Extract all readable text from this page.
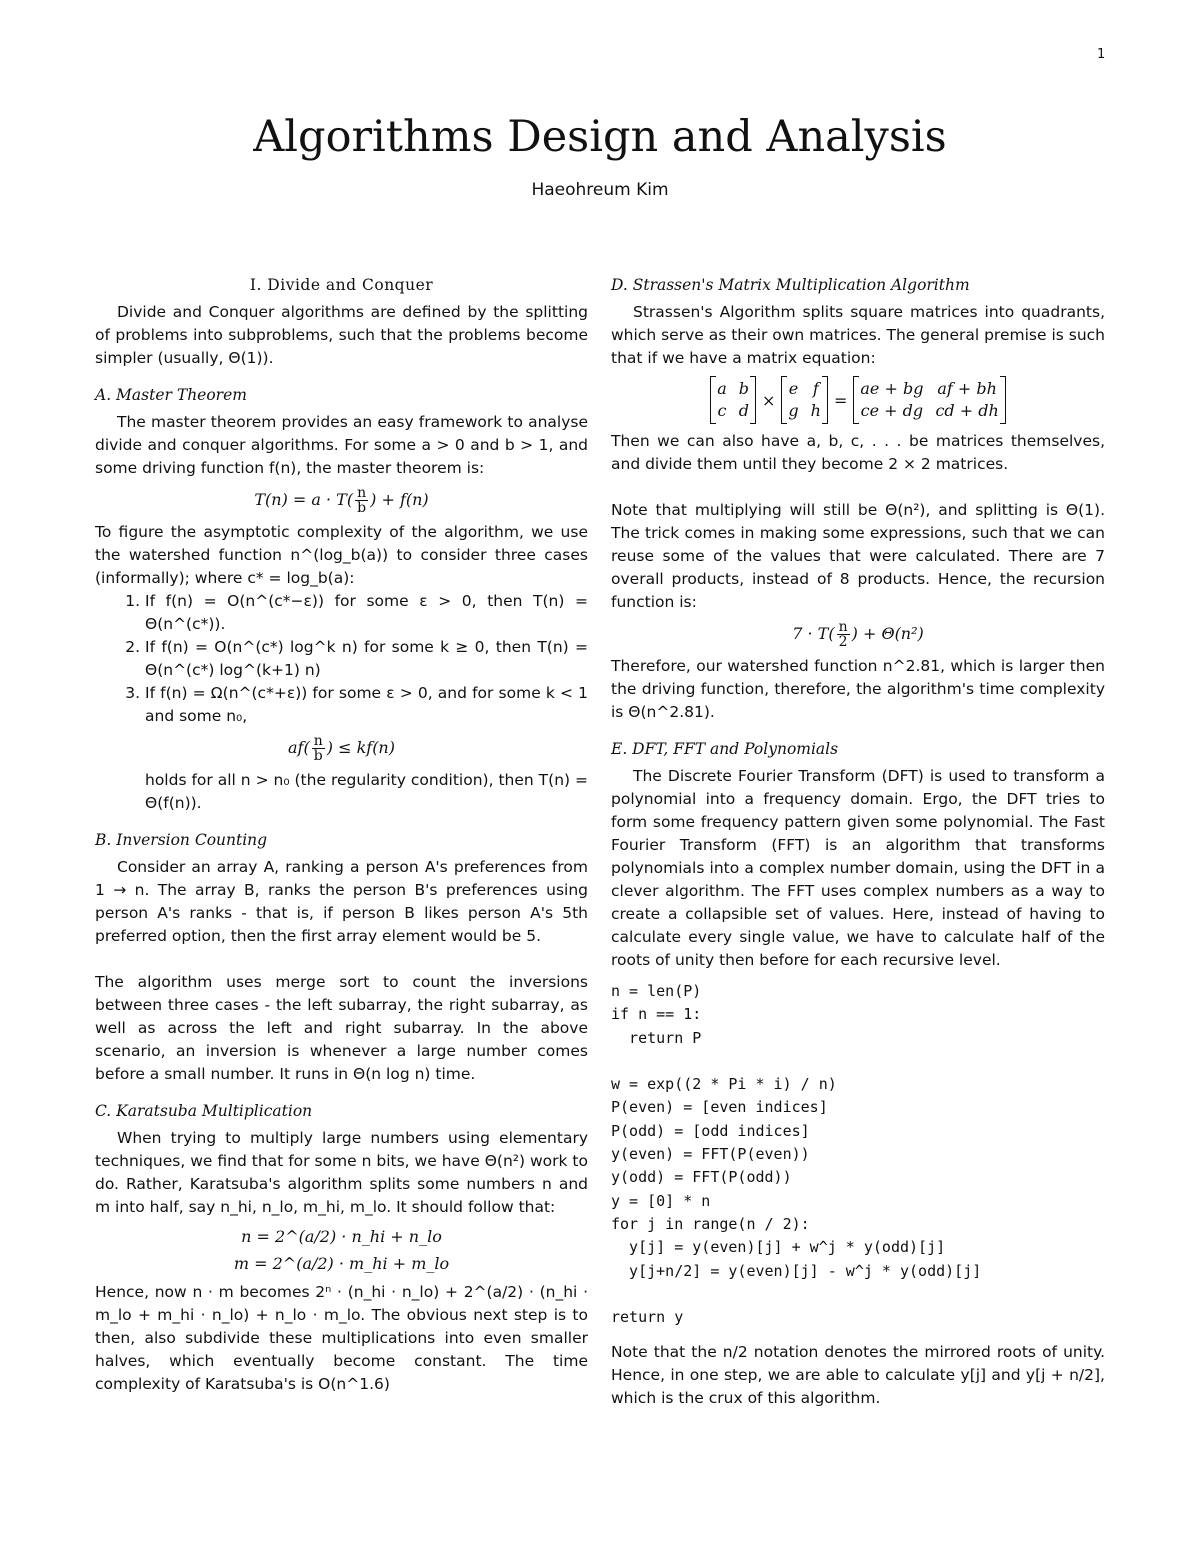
1
Algorithms Design and Analysis
Haeohreum Kim
I. Divide and Conquer

Divide and Conquer algorithms are defined by the splitting of problems into subproblems, such that the problems become simpler (usually, Θ(1)).

A. Master Theorem

The master theorem provides an easy framework to analyse divide and conquer algorithms. For some a > 0 and b > 1, and some driving function f(n), the master theorem is:

$T(n) = a \cdot T( \frac{n}{b}$ ) + f(n)

To figure the asymptotic complexity of the algorithm, we use the watershed function n^(log_b(a)) to consider three cases (informally); where c* = log_b(a):

1. If f(n) = O(n^(c*−ε)) for some ε > 0, then T(n) = Θ(n^(c*)).
2. If f(n) = O(n^(c*) log^k n) for some k ≥ 0, then T(n) = Θ(n^(c*) log^(k+1) n)
3. If f(n) = Ω(n^(c*+ε)) for some ε > 0, and for some k < 1 and some n₀,
$af( \frac{n}{b}$ ) ≤ kf(n)
holds for all n > n₀ (the regularity condition), then T(n) = Θ(f(n)).
B. Inversion Counting

Consider an array A, ranking a person A's preferences from 1 → n. The array B, ranks the person B's preferences using person A's ranks - that is, if person B likes person A's 5th preferred option, then the first array element would be 5.

The algorithm uses merge sort to count the inversions between three cases - the left subarray, the right subarray, as well as across the left and right subarray. In the above scenario, an inversion is whenever a large number comes before a small number. It runs in Θ(n log n) time.

C. Karatsuba Multiplication

When trying to multiply large numbers using elementary techniques, we find that for some n bits, we have Θ(n²) work to do. Rather, Karatsuba's algorithm splits some numbers n and m into half, say n_hi, n_lo, m_hi, m_lo. It should follow that:

n = 2^(a/2) · n_hi + n_lo
m = 2^(a/2) · m_hi + m_lo

Hence, now n · m becomes 2ⁿ · (n_hi · n_lo) + 2^(a/2) · (n_hi · m_lo + m_hi · n_lo) + n_lo · m_lo. The obvious next step is to then, also subdivide these multiplications into even smaller halves, which eventually become constant. The time complexity of Karatsuba's is O(n^1.6)

D. Strassen's Matrix Multiplication Algorithm

Strassen's Algorithm splits square matrices into quadrants, which serve as their own matrices. The general premise is such that if we have a matrix equation:

a b
c d
×
e f
g h
=
ae + bg af + bh
ce + dg cd + dh

Then we can also have a, b, c, . . . be matrices themselves, and divide them until they become 2 × 2 matrices.

Note that multiplying will still be Θ(n²), and splitting is Θ(1). The trick comes in making some expressions, such that we can reuse some of the values that were calculated. There are 7 overall products, instead of 8 products. Hence, the recursion function is:

$7 \cdot T( \frac{n}{2}$ ) + Θ(n²)

Therefore, our watershed function n^2.81, which is larger then the driving function, therefore, the algorithm's time complexity is Θ(n^2.81).

E. DFT, FFT and Polynomials

The Discrete Fourier Transform (DFT) is used to transform a polynomial into a frequency domain. Ergo, the DFT tries to form some frequency pattern given some polynomial. The Fast Fourier Transform (FFT) is an algorithm that transforms polynomials into a complex number domain, using the DFT in a clever algorithm. The FFT uses complex numbers as a way to create a collapsible set of values. Here, instead of having to calculate every single value, we have to calculate half of the roots of unity then before for each recursive level.

n = len(P)
if n == 1:
return P

w = exp((2 * Pi * i) / n)
P(even) = [even indices]
P(odd) = [odd indices]
y(even) = FFT(P(even))
y(odd) = FFT(P(odd))
y = [0] * n
for j in range(n / 2):
y[j] = y(even)[j] + w^j * y(odd)[j]
y[j+n/2] = y(even)[j] - w^j * y(odd)[j]

return y

Note that the n/2 notation denotes the mirrored roots of unity. Hence, in one step, we are able to calculate y[j] and y[j + n/2], which is the crux of this algorithm.
